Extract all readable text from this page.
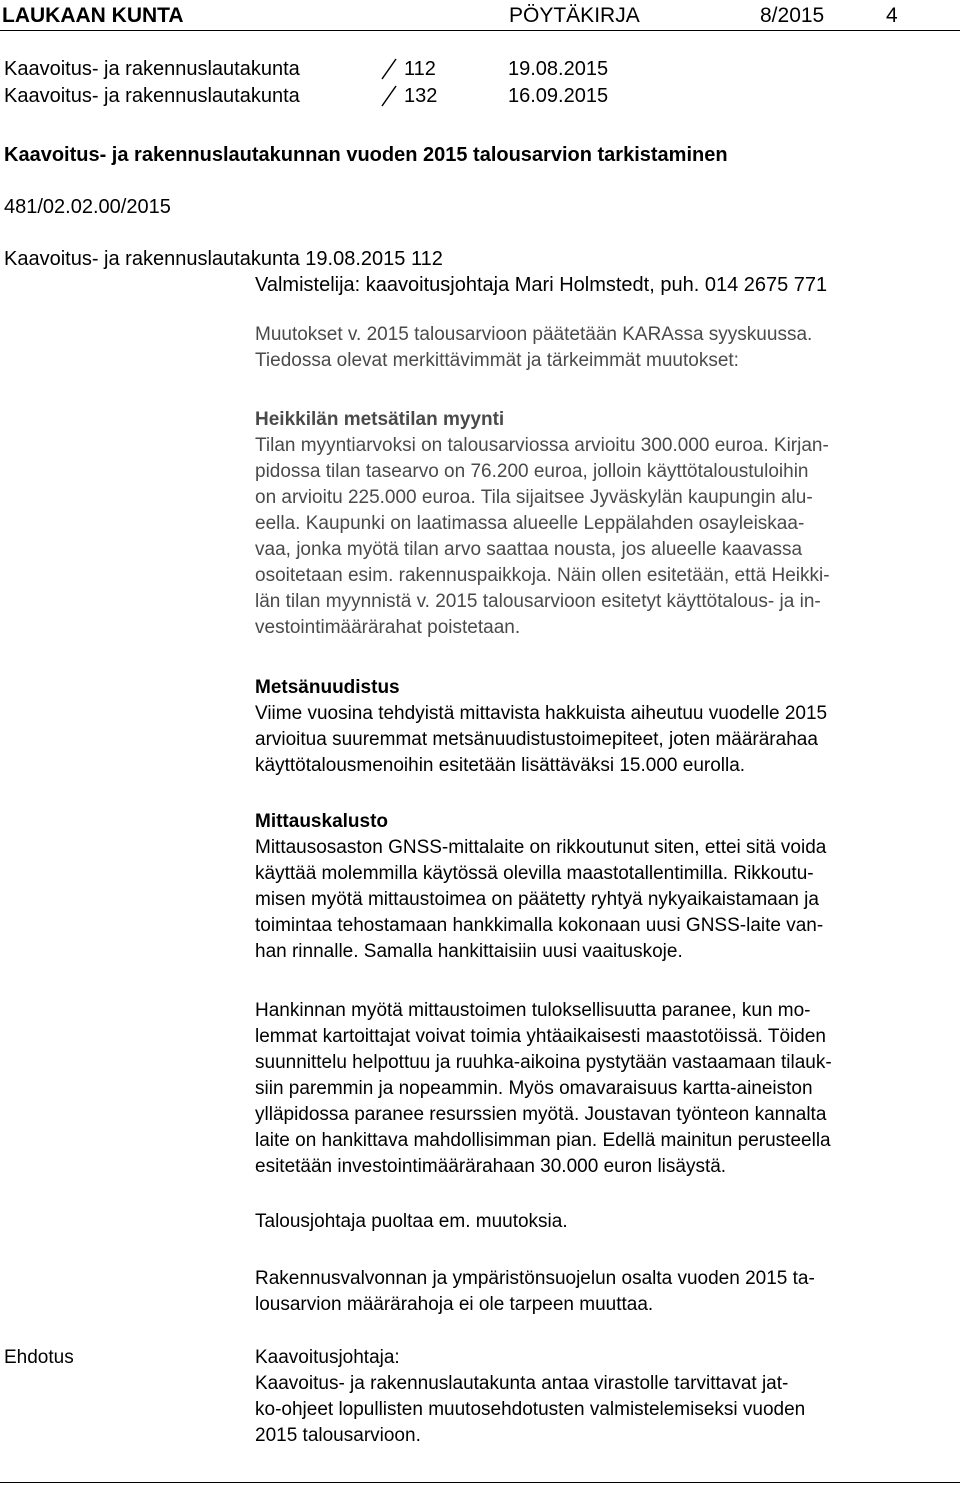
LAUKAAN KUNTA	PÖYTÄKIRJA	8/2015	4
Kaavoitus- ja rakennuslautakunta	112	19.08.2015
Kaavoitus- ja rakennuslautakunta	132	16.09.2015
Kaavoitus- ja rakennuslautakunnan vuoden 2015 talousarvion tarkistaminen
481/02.02.00/2015
Kaavoitus- ja rakennuslautakunta 19.08.2015 112
Valmistelija: kaavoitusjohtaja Mari Holmstedt, puh. 014 2675 771
Muutokset v. 2015 talousarvioon päätetään KARAssa syyskuussa.
Tiedossa olevat merkittävimmät ja tärkeimmät muutokset:
Heikkilän metsätilan myynti
Tilan myyntiarvoksi on talousarviossa arvioitu 300.000 euroa. Kirjan-
pidossa tilan tasearvo on 76.200 euroa, jolloin käyttötaloustuloihin
on arvioitu 225.000 euroa. Tila sijaitsee Jyväskylän kaupungin alu-
eella. Kaupunki on laatimassa alueelle Leppälahden osayleiskaa-
vaa, jonka myötä tilan arvo saattaa nousta, jos alueelle kaavassa
osoitetaan esim. rakennuspaikkoja. Näin ollen esitetään, että Heikki-
län tilan myynnistä v. 2015 talousarvioon esitetyt käyttötalous- ja in-
vestointimäärärahat poistetaan.
Metsänuudistus
Viime vuosina tehdyistä mittavista hakkuista aiheutuu vuodelle 2015
arvioitua suuremmat metsänuudistustoimepiteet, joten määrärahaa
käyttötalousmenoihin esitetään lisättäväksi 15.000 eurolla.
Mittauskalusto
Mittausosaston GNSS-mittalaite on rikkoutunut siten, ettei sitä voida
käyttää molemmilla käytössä olevilla maastotallentimilla. Rikkoutu-
misen myötä mittaustoimea on päätetty ryhtyä nykyaikaistamaan ja
toimintaa tehostamaan hankkimalla kokonaan uusi GNSS-laite van-
han rinnalle. Samalla hankittaisiin uusi vaaituskoje.
Hankinnan myötä mittaustoimen tuloksellisuutta paranee, kun mo-
lemmat kartoittajat voivat toimia yhtäaikaisesti maastotöissä. Töiden
suunnittelu helpottuu ja ruuhka-aikoina pystytään vastaamaan tilauk-
siin paremmin ja nopeammin. Myös omavaraisuus kartta-aineiston
ylläpidossa paranee resurssien myötä. Joustavan työnteon kannalta
laite on hankittava mahdollisimman pian. Edellä mainitun perusteella
esitetään investointimäärärahaan 30.000 euron lisäystä.
Talousjohtaja puoltaa em. muutoksia.
Rakennusvalvonnan ja ympäristönsuojelun osalta vuoden 2015 ta-
lousarvion määrärahoja ei ole tarpeen muuttaa.
Ehdotus	Kaavoitusjohtaja:
Kaavoitus- ja rakennuslautakunta antaa virastolle tarvittavat jat-
ko-ohjeet lopullisten muutosehdotusten valmistelemiseksi vuoden
2015 talousarvioon.
